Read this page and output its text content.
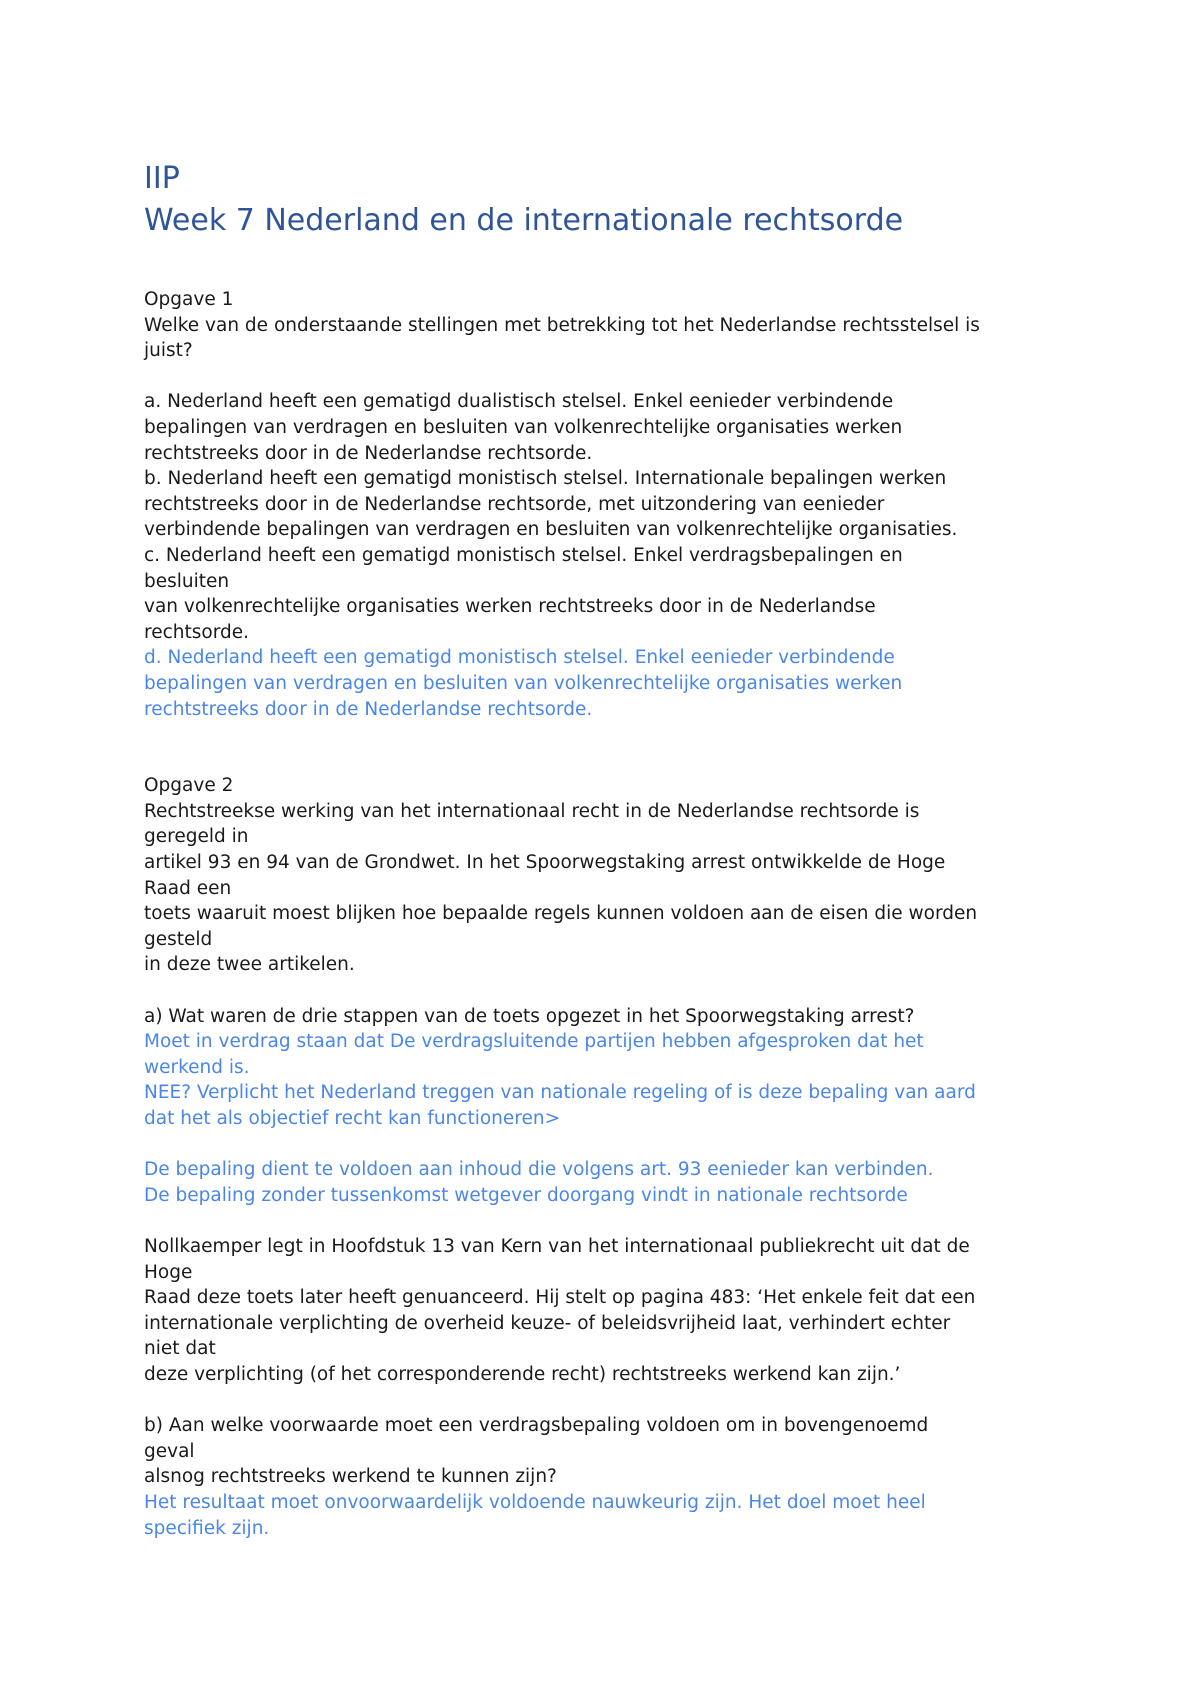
IIP

Week 7 Nederland en de internationale rechtsorde

Opgave 1

Welke van de onderstaande stellingen met betrekking tot het Nederlandse rechtsstelsel is

juist?

a. Nederland heeft een gematigd dualistisch stelsel. Enkel eenieder verbindende

bepalingen van verdragen en besluiten van volkenrechtelijke organisaties werken

rechtstreeks door in de Nederlandse rechtsorde.

b. Nederland heeft een gematigd monistisch stelsel. Internationale bepalingen werken

rechtstreeks door in de Nederlandse rechtsorde, met uitzondering van eenieder

verbindende bepalingen van verdragen en besluiten van volkenrechtelijke organisaties.

c. Nederland heeft een gematigd monistisch stelsel. Enkel verdragsbepalingen en

besluiten

van volkenrechtelijke organisaties werken rechtstreeks door in de Nederlandse

rechtsorde.

d. Nederland heeft een gematigd monistisch stelsel. Enkel eenieder verbindende

bepalingen van verdragen en besluiten van volkenrechtelijke organisaties werken

rechtstreeks door in de Nederlandse rechtsorde.

Opgave 2

Rechtstreekse werking van het internationaal recht in de Nederlandse rechtsorde is

geregeld in

artikel 93 en 94 van de Grondwet. In het Spoorwegstaking arrest ontwikkelde de Hoge

Raad een

toets waaruit moest blijken hoe bepaalde regels kunnen voldoen aan de eisen die worden

gesteld

in deze twee artikelen.

a) Wat waren de drie stappen van de toets opgezet in het Spoorwegstaking arrest?

Moet in verdrag staan dat De verdragsluitende partijen hebben afgesproken dat het

werkend is.

NEE? Verplicht het Nederland treggen van nationale regeling of is deze bepaling van aard

dat het als objectief recht kan functioneren>

De bepaling dient te voldoen aan inhoud die volgens art. 93 eenieder kan verbinden.

De bepaling zonder tussenkomst wetgever doorgang vindt in nationale rechtsorde

Nollkaemper legt in Hoofdstuk 13 van Kern van het internationaal publiekrecht uit dat de

Hoge

Raad deze toets later heeft genuanceerd. Hij stelt op pagina 483: ‘Het enkele feit dat een

internationale verplichting de overheid keuze- of beleidsvrijheid laat, verhindert echter

niet dat

deze verplichting (of het corresponderende recht) rechtstreeks werkend kan zijn.’

b) Aan welke voorwaarde moet een verdragsbepaling voldoen om in bovengenoemd

geval

alsnog rechtstreeks werkend te kunnen zijn?

Het resultaat moet onvoorwaardelijk voldoende nauwkeurig zijn. Het doel moet heel

specifiek zijn.
